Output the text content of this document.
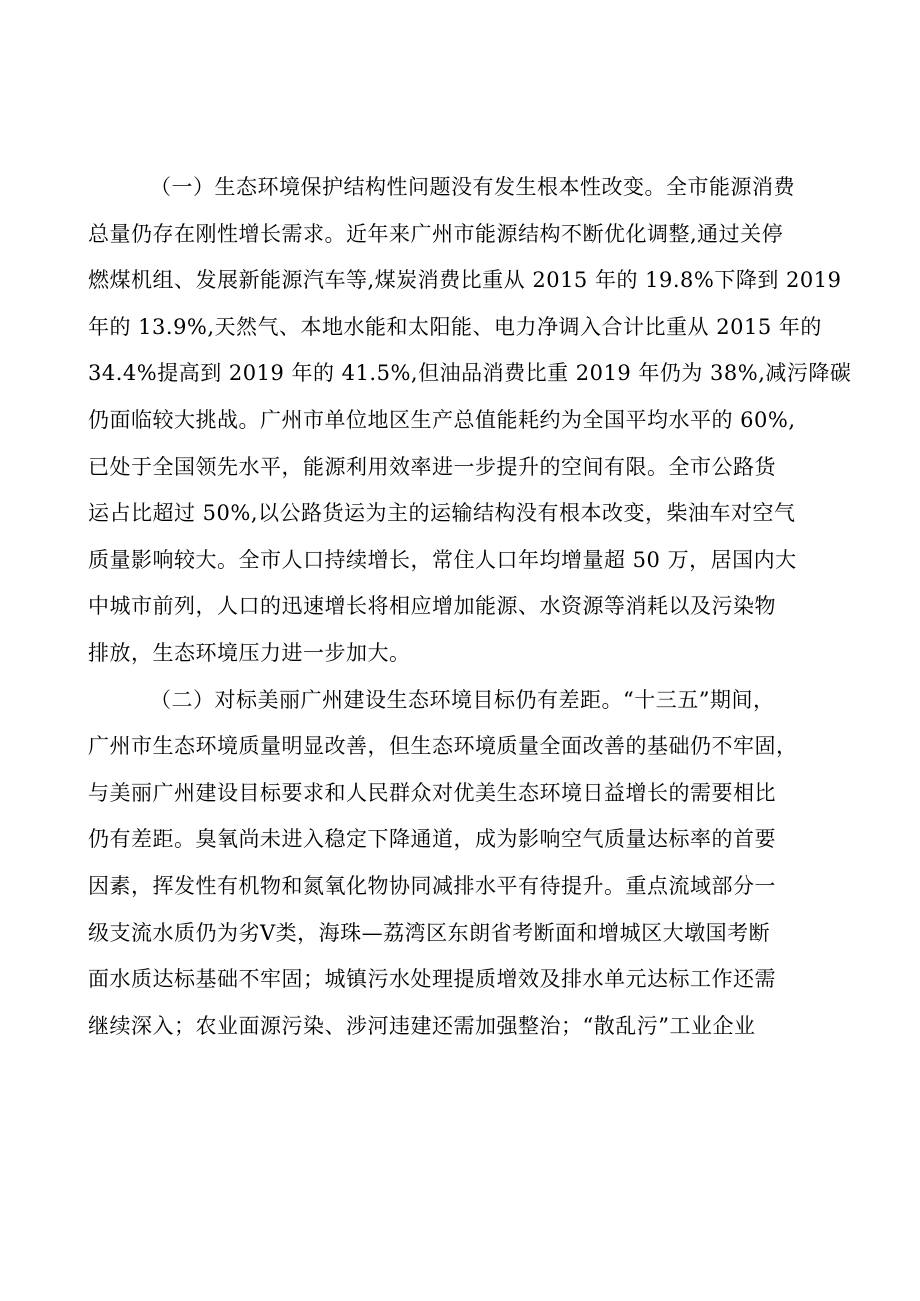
（一）生态环境保护结构性问题没有发生根本性改变。全市能源消费
总量仍存在刚性增长需求。近年来广州市能源结构不断优化调整,通过关停
燃煤机组、发展新能源汽车等,煤炭消费比重从 2015 年的 19.8%下降到 2019
年的 13.9%,天然气、本地水能和太阳能、电力净调入合计比重从 2015 年的
34.4%提高到 2019 年的 41.5%,但油品消费比重 2019 年仍为 38%,减污降碳
仍面临较大挑战。广州市单位地区生产总值能耗约为全国平均水平的 60%,
已处于全国领先水平，能源利用效率进一步提升的空间有限。全市公路货
运占比超过 50%,以公路货运为主的运输结构没有根本改变，柴油车对空气
质量影响较大。全市人口持续增长，常住人口年均增量超 50 万，居国内大
中城市前列，人口的迅速增长将相应增加能源、水资源等消耗以及污染物
排放，生态环境压力进一步加大。
（二）对标美丽广州建设生态环境目标仍有差距。“十三五”期间，
广州市生态环境质量明显改善，但生态环境质量全面改善的基础仍不牢固，
与美丽广州建设目标要求和人民群众对优美生态环境日益增长的需要相比
仍有差距。臭氧尚未进入稳定下降通道，成为影响空气质量达标率的首要
因素，挥发性有机物和氮氧化物协同减排水平有待提升。重点流域部分一
级支流水质仍为劣Ⅴ类，海珠—荔湾区东朗省考断面和增城区大墩国考断
面水质达标基础不牢固；城镇污水处理提质增效及排水单元达标工作还需
继续深入；农业面源污染、涉河违建还需加强整治；“散乱污”工业企业
